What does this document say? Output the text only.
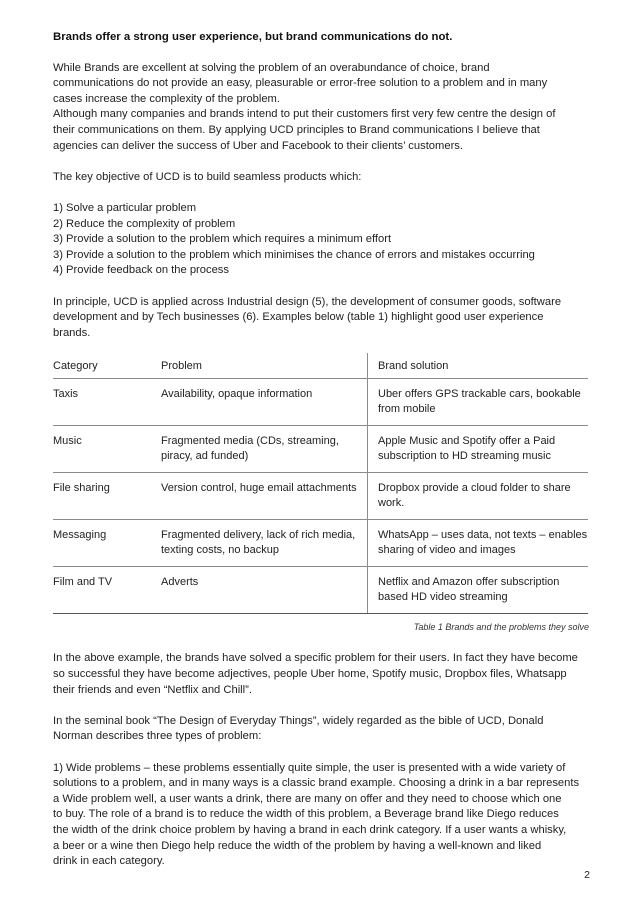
Brands offer a strong user experience, but brand communications do not.

While Brands are excellent at solving the problem of an overabundance of choice, brand
communications do not provide an easy, pleasurable or error-free solution to a problem and in many
cases increase the complexity of the problem.
Although many companies and brands intend to put their customers first very few centre the design of
their communications on them. By applying UCD principles to Brand communications I believe that
agencies can deliver the success of Uber and Facebook to their clients’ customers.

The key objective of UCD is to build seamless products which:

1) Solve a particular problem
2) Reduce the complexity of problem
3) Provide a solution to the problem which requires a minimum effort
3) Provide a solution to the problem which minimises the chance of errors and mistakes occurring
4) Provide feedback on the process

In principle, UCD is applied across Industrial design (5), the development of consumer goods, software
development and by Tech businesses (6). Examples below (table 1) highlight good user experience
brands.

Category	Problem	Brand solution
Taxis	Availability, opaque information	Uber offers GPS trackable cars, bookable from mobile
Music	Fragmented media (CDs, streaming, piracy, ad funded)	Apple Music and Spotify offer a Paid subscription to HD streaming music
File sharing	Version control, huge email attachments	Dropbox provide a cloud folder to share work.
Messaging	Fragmented delivery, lack of rich media, texting costs, no backup	WhatsApp – uses data, not texts – enables sharing of video and images
Film and TV	Adverts	Netflix and Amazon offer subscription based HD video streaming
Table 1 Brands and the problems they solve

In the above example, the brands have solved a specific problem for their users. In fact they have become
so successful they have become adjectives, people Uber home, Spotify music, Dropbox files, Whatsapp
their friends and even “Netflix and Chill”.

In the seminal book “The Design of Everyday Things”, widely regarded as the bible of UCD, Donald
Norman describes three types of problem:

1) Wide problems – these problems essentially quite simple, the user is presented with a wide variety of
solutions to a problem, and in many ways is a classic brand example. Choosing a drink in a bar represents
a Wide problem well, a user wants a drink, there are many on offer and they need to choose which one
to buy. The role of a brand is to reduce the width of this problem, a Beverage brand like Diego reduces
the width of the drink choice problem by having a brand in each drink category. If a user wants a whisky,
a beer or a wine then Diego help reduce the width of the problem by having a well-known and liked
drink in each category.

2
